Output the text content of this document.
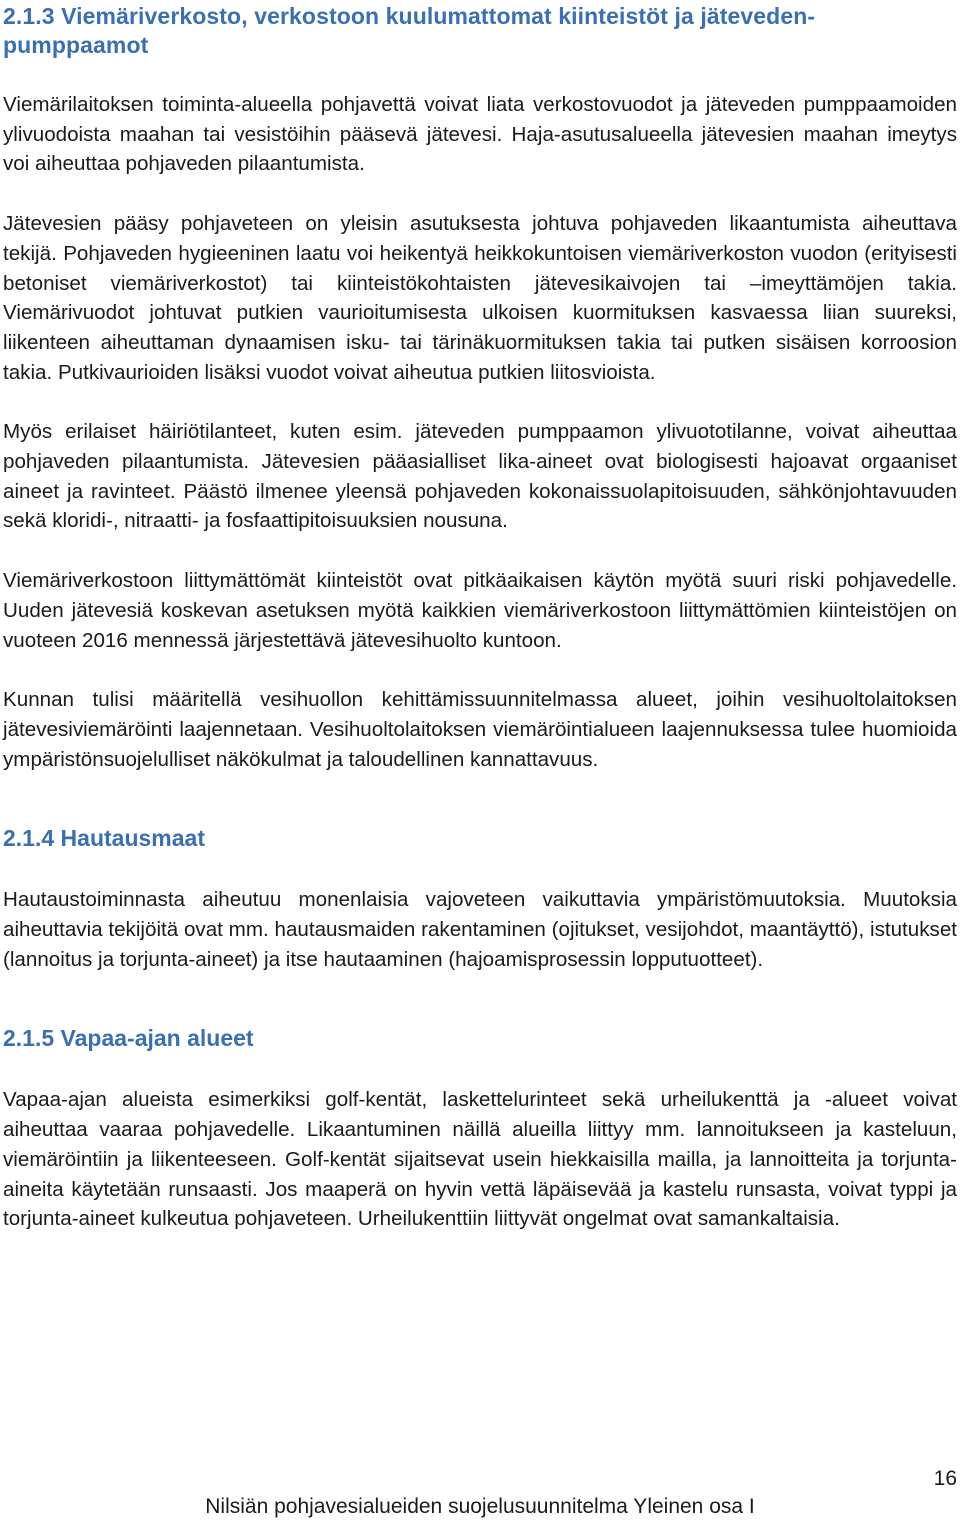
2.1.3 Viemäriverkosto, verkostoon kuulumattomat kiinteistöt ja jäteveden-pumppaamot

Viemärilaitoksen toiminta-alueella pohjavettä voivat liata verkostovuodot ja jäteveden pumppaamoiden ylivuodoista maahan tai vesistöihin pääsevä jätevesi. Haja-asutusalueella jätevesien maahan imeytys voi aiheuttaa pohjaveden pilaantumista.

Jätevesien pääsy pohjaveteen on yleisin asutuksesta johtuva pohjaveden likaantumista aiheuttava tekijä. Pohjaveden hygieeninen laatu voi heikentyä heikkokuntoisen viemäriverkoston vuodon (erityisesti betoniset viemäriverkostot) tai kiinteistökohtaisten jätevesikaivojen tai –imeyttämöjen takia. Viemärivuodot johtuvat putkien vaurioitumisesta ulkoisen kuormituksen kasvaessa liian suureksi, liikenteen aiheuttaman dynaamisen isku- tai tärinäkuormituksen takia tai putken sisäisen korroosion takia. Putkivaurioiden lisäksi vuodot voivat aiheutua putkien liitosvioista.

Myös erilaiset häiriötilanteet, kuten esim. jäteveden pumppaamon ylivuototilanne, voivat aiheuttaa pohjaveden pilaantumista. Jätevesien pääasialliset lika-aineet ovat biologisesti hajoavat orgaaniset aineet ja ravinteet. Päästö ilmenee yleensä pohjaveden kokonaissuolapitoisuuden, sähkönjohtavuuden sekä kloridi-, nitraatti- ja fosfaattipitoisuuksien nousuna.

Viemäriverkostoon liittymättömät kiinteistöt ovat pitkäaikaisen käytön myötä suuri riski pohjavedelle. Uuden jätevesiä koskevan asetuksen myötä kaikkien viemäriverkostoon liittymättömien kiinteistöjen on vuoteen 2016 mennessä järjestettävä jätevesihuolto kuntoon.

Kunnan tulisi määritellä vesihuollon kehittämissuunnitelmassa alueet, joihin vesihuoltolaitoksen jätevesiviemäröinti laajennetaan. Vesihuoltolaitoksen viemäröintialueen laajennuksessa tulee huomioida ympäristönsuojelulliset näkökulmat ja taloudellinen kannattavuus.

2.1.4 Hautausmaat

Hautaustoiminnasta aiheutuu monenlaisia vajoveteen vaikuttavia ympäristömuutoksia. Muutoksia aiheuttavia tekijöitä ovat mm. hautausmaiden rakentaminen (ojitukset, vesijohdot, maantäyttö), istutukset (lannoitus ja torjunta-aineet) ja itse hautaaminen (hajoamisprosessin lopputuotteet).

2.1.5 Vapaa-ajan alueet

Vapaa-ajan alueista esimerkiksi golf-kentät, laskettelurinteet sekä urheilukenttä ja -alueet voivat aiheuttaa vaaraa pohjavedelle. Likaantuminen näillä alueilla liittyy mm. lannoitukseen ja kasteluun, viemäröintiin ja liikenteeseen. Golf-kentät sijaitsevat usein hiekkaisilla mailla, ja lannoitteita ja torjunta-aineita käytetään runsaasti. Jos maaperä on hyvin vettä läpäisevää ja kastelu runsasta, voivat typpi ja torjunta-aineet kulkeutua pohjaveteen. Urheilukenttiin liittyvät ongelmat ovat samankaltaisia.

16
Nilsiän pohjavesialueiden suojelusuunnitelma Yleinen osa I
